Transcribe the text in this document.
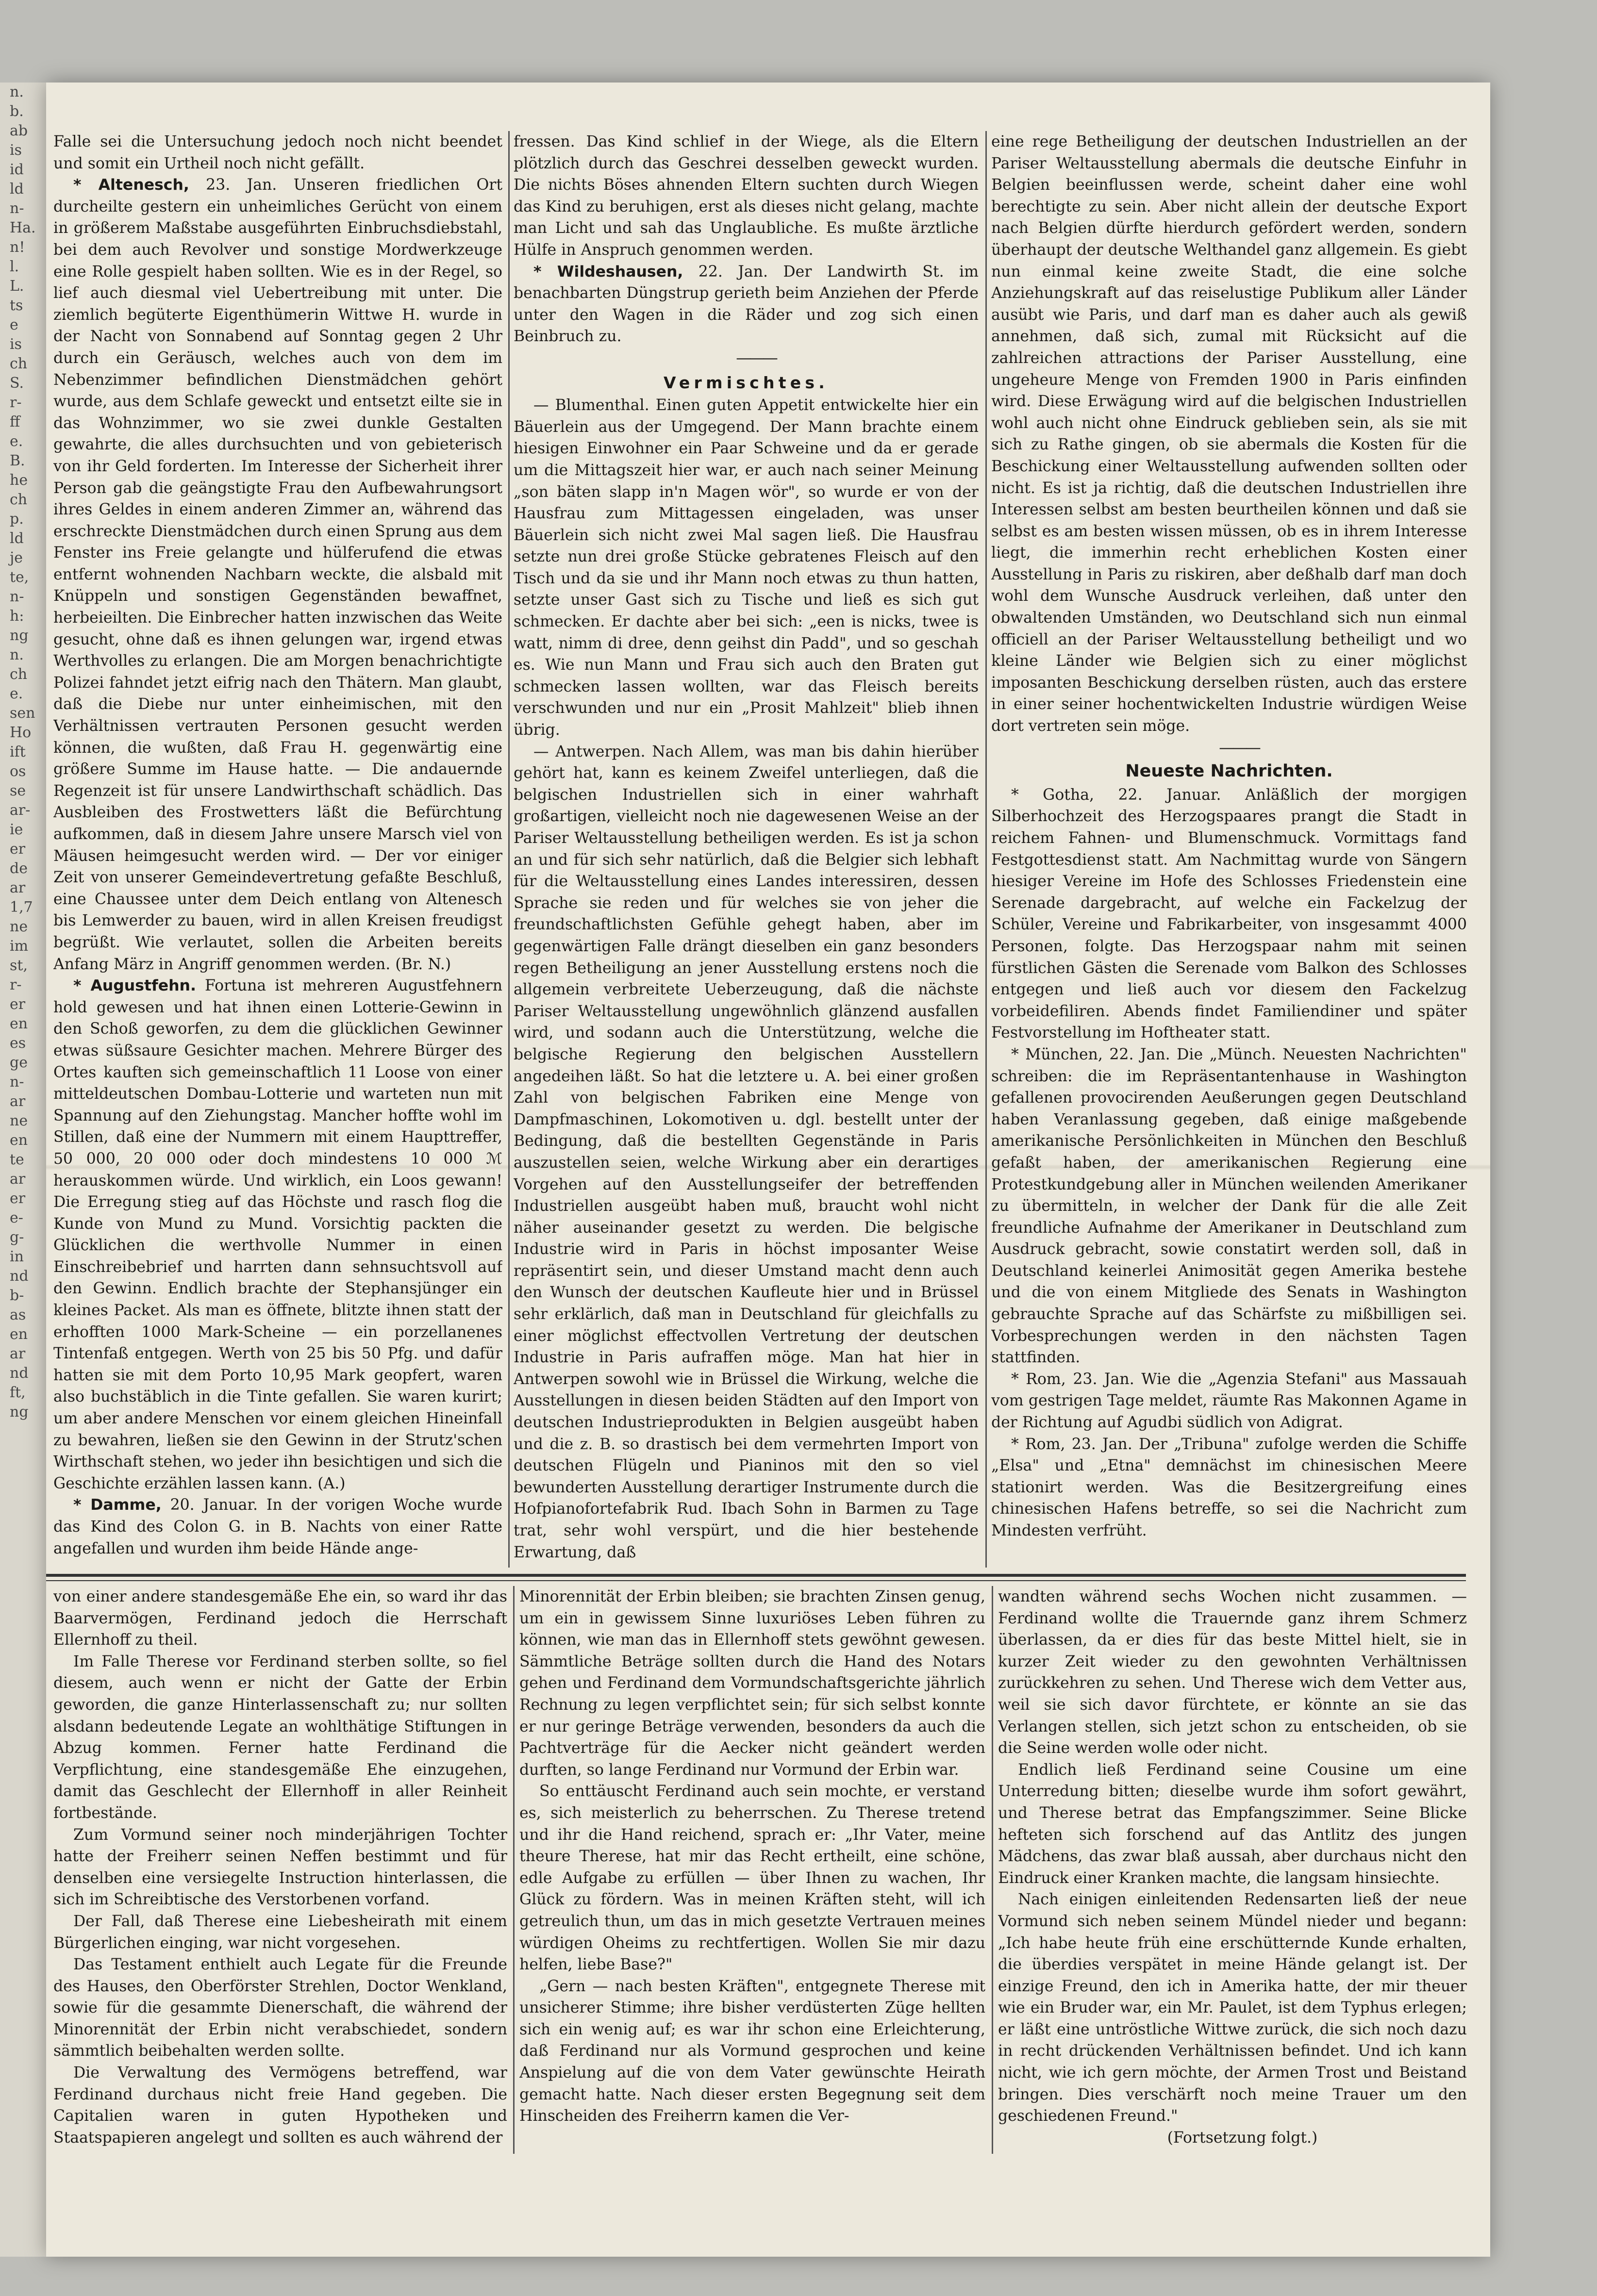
n.
b.
ab
is
id
ld
n-
Ha.
n!
l.
L.
ts
e
is
ch
S.
r-
ff
e.
B.
he
ch
p.
ld
je
te,
n-
h:
ng
n.
ch
e.
sen
Ho
ift
os
se
ar-
ie
er
de
ar
1,7
ne
im
st,
r-
er
en
es
ge
n-
ar
ne
en
te
ar
er
e-
g-
in
nd
b-
as
en
ar
nd
ft,
ng

Falle sei die Untersuchung jedoch noch nicht beendet und somit ein Urtheil noch nicht gefällt.

* Altenesch, 23. Jan. Unseren friedlichen Ort durcheilte gestern ein unheimliches Gerücht von einem in größerem Maßstabe ausgeführten Einbruchsdiebstahl, bei dem auch Revolver und sonstige Mordwerkzeuge eine Rolle gespielt haben sollten. Wie es in der Regel, so lief auch diesmal viel Uebertreibung mit unter. Die ziemlich begüterte Eigenthümerin Wittwe H. wurde in der Nacht von Sonnabend auf Sonntag gegen 2 Uhr durch ein Geräusch, welches auch von dem im Nebenzimmer befindlichen Dienstmädchen gehört wurde, aus dem Schlafe geweckt und entsetzt eilte sie in das Wohnzimmer, wo sie zwei dunkle Gestalten gewahrte, die alles durchsuchten und von gebieterisch von ihr Geld forderten. Im Interesse der Sicherheit ihrer Person gab die geängstigte Frau den Aufbewahrungsort ihres Geldes in einem anderen Zimmer an, während das erschreckte Dienstmädchen durch einen Sprung aus dem Fenster ins Freie gelangte und hülferufend die etwas entfernt wohnenden Nachbarn weckte, die alsbald mit Knüppeln und sonstigen Gegenständen bewaffnet, herbeieilten. Die Einbrecher hatten inzwischen das Weite gesucht, ohne daß es ihnen gelungen war, irgend etwas Werthvolles zu erlangen. Die am Morgen benachrichtigte Polizei fahndet jetzt eifrig nach den Thätern. Man glaubt, daß die Diebe nur unter einheimischen, mit den Verhältnissen vertrauten Personen gesucht werden können, die wußten, daß Frau H. gegenwärtig eine größere Summe im Hause hatte. — Die andauernde Regenzeit ist für unsere Landwirthschaft schädlich. Das Ausbleiben des Frostwetters läßt die Befürchtung aufkommen, daß in diesem Jahre unsere Marsch viel von Mäusen heimgesucht werden wird. — Der vor einiger Zeit von unserer Gemeindevertretung gefaßte Beschluß, eine Chaussee unter dem Deich entlang von Altenesch bis Lemwerder zu bauen, wird in allen Kreisen freudigst begrüßt. Wie verlautet, sollen die Arbeiten bereits Anfang März in Angriff genommen werden. (Br. N.)

* Augustfehn. Fortuna ist mehreren Augustfehnern hold gewesen und hat ihnen einen Lotterie-Gewinn in den Schoß geworfen, zu dem die glücklichen Gewinner etwas süßsaure Gesichter machen. Mehrere Bürger des Ortes kauften sich gemeinschaftlich 11 Loose von einer mitteldeutschen Dombau-Lotterie und warteten nun mit Spannung auf den Ziehungstag. Mancher hoffte wohl im Stillen, daß eine der Nummern mit einem Haupttreffer, 50 000, 20 000 oder doch mindestens 10 000 ℳ herauskommen würde. Und wirklich, ein Loos gewann! Die Erregung stieg auf das Höchste und rasch flog die Kunde von Mund zu Mund. Vorsichtig packten die Glücklichen die werthvolle Nummer in einen Einschreibebrief und harrten dann sehnsuchtsvoll auf den Gewinn. Endlich brachte der Stephansjünger ein kleines Packet. Als man es öffnete, blitzte ihnen statt der erhofften 1000 Mark-Scheine — ein porzellanenes Tintenfaß entgegen. Werth von 25 bis 50 Pfg. und dafür hatten sie mit dem Porto 10,95 Mark geopfert, waren also buchstäblich in die Tinte gefallen. Sie waren kurirt; um aber andere Menschen vor einem gleichen Hineinfall zu bewahren, ließen sie den Gewinn in der Strutz'schen Wirthschaft stehen, wo jeder ihn besichtigen und sich die Geschichte erzählen lassen kann. (A.)

* Damme, 20. Januar. In der vorigen Woche wurde das Kind des Colon G. in B. Nachts von einer Ratte angefallen und wurden ihm beide Hände ange-

fressen. Das Kind schlief in der Wiege, als die Eltern plötzlich durch das Geschrei desselben geweckt wurden. Die nichts Böses ahnenden Eltern suchten durch Wiegen das Kind zu beruhigen, erst als dieses nicht gelang, machte man Licht und sah das Unglaubliche. Es mußte ärztliche Hülfe in Anspruch genommen werden.

* Wildeshausen, 22. Jan. Der Landwirth St. im benachbarten Düngstrup gerieth beim Anziehen der Pferde unter den Wagen in die Räder und zog sich einen Beinbruch zu.

———

Vermischtes.

— Blumenthal. Einen guten Appetit entwickelte hier ein Bäuerlein aus der Umgegend. Der Mann brachte einem hiesigen Einwohner ein Paar Schweine und da er gerade um die Mittagszeit hier war, er auch nach seiner Meinung „son bäten slapp in'n Magen wör", so wurde er von der Hausfrau zum Mittagessen eingeladen, was unser Bäuerlein sich nicht zwei Mal sagen ließ. Die Hausfrau setzte nun drei große Stücke gebratenes Fleisch auf den Tisch und da sie und ihr Mann noch etwas zu thun hatten, setzte unser Gast sich zu Tische und ließ es sich gut schmecken. Er dachte aber bei sich: „een is nicks, twee is watt, nimm di dree, denn geihst din Padd", und so geschah es. Wie nun Mann und Frau sich auch den Braten gut schmecken lassen wollten, war das Fleisch bereits verschwunden und nur ein „Prosit Mahlzeit" blieb ihnen übrig.

— Antwerpen. Nach Allem, was man bis dahin hierüber gehört hat, kann es keinem Zweifel unterliegen, daß die belgischen Industriellen sich in einer wahrhaft großartigen, vielleicht noch nie dagewesenen Weise an der Pariser Weltausstellung betheiligen werden. Es ist ja schon an und für sich sehr natürlich, daß die Belgier sich lebhaft für die Weltausstellung eines Landes interessiren, dessen Sprache sie reden und für welches sie von jeher die freundschaftlichsten Gefühle gehegt haben, aber im gegenwärtigen Falle drängt dieselben ein ganz besonders regen Betheiligung an jener Ausstellung erstens noch die allgemein verbreitete Ueberzeugung, daß die nächste Pariser Weltausstellung ungewöhnlich glänzend ausfallen wird, und sodann auch die Unterstützung, welche die belgische Regierung den belgischen Ausstellern angedeihen läßt. So hat die letztere u. A. bei einer großen Zahl von belgischen Fabriken eine Menge von Dampfmaschinen, Lokomotiven u. dgl. bestellt unter der Bedingung, daß die bestellten Gegenstände in Paris auszustellen seien, welche Wirkung aber ein derartiges Vorgehen auf den Ausstellungseifer der betreffenden Industriellen ausgeübt haben muß, braucht wohl nicht näher auseinander gesetzt zu werden. Die belgische Industrie wird in Paris in höchst imposanter Weise repräsentirt sein, und dieser Umstand macht denn auch den Wunsch der deutschen Kaufleute hier und in Brüssel sehr erklärlich, daß man in Deutschland für gleichfalls zu einer möglichst effectvollen Vertretung der deutschen Industrie in Paris aufraffen möge. Man hat hier in Antwerpen sowohl wie in Brüssel die Wirkung, welche die Ausstellungen in diesen beiden Städten auf den Import von deutschen Industrieprodukten in Belgien ausgeübt haben und die z. B. so drastisch bei dem vermehrten Import von deutschen Flügeln und Pianinos mit den so viel bewunderten Ausstellung derartiger Instrumente durch die Hofpianofortefabrik Rud. Ibach Sohn in Barmen zu Tage trat, sehr wohl verspürt, und die hier bestehende Erwartung, daß

eine rege Betheiligung der deutschen Industriellen an der Pariser Weltausstellung abermals die deutsche Einfuhr in Belgien beeinflussen werde, scheint daher eine wohl berechtigte zu sein. Aber nicht allein der deutsche Export nach Belgien dürfte hierdurch gefördert werden, sondern überhaupt der deutsche Welthandel ganz allgemein. Es giebt nun einmal keine zweite Stadt, die eine solche Anziehungskraft auf das reiselustige Publikum aller Länder ausübt wie Paris, und darf man es daher auch als gewiß annehmen, daß sich, zumal mit Rücksicht auf die zahlreichen attractions der Pariser Ausstellung, eine ungeheure Menge von Fremden 1900 in Paris einfinden wird. Diese Erwägung wird auf die belgischen Industriellen wohl auch nicht ohne Eindruck geblieben sein, als sie mit sich zu Rathe gingen, ob sie abermals die Kosten für die Beschickung einer Weltausstellung aufwenden sollten oder nicht. Es ist ja richtig, daß die deutschen Industriellen ihre Interessen selbst am besten beurtheilen können und daß sie selbst es am besten wissen müssen, ob es in ihrem Interesse liegt, die immerhin recht erheblichen Kosten einer Ausstellung in Paris zu riskiren, aber deßhalb darf man doch wohl dem Wunsche Ausdruck verleihen, daß unter den obwaltenden Umständen, wo Deutschland sich nun einmal officiell an der Pariser Weltausstellung betheiligt und wo kleine Länder wie Belgien sich zu einer möglichst imposanten Beschickung derselben rüsten, auch das erstere in einer seiner hochentwickelten Industrie würdigen Weise dort vertreten sein möge.

———

Neueste Nachrichten.

* Gotha, 22. Januar. Anläßlich der morgigen Silberhochzeit des Herzogspaares prangt die Stadt in reichem Fahnen- und Blumenschmuck. Vormittags fand Festgottesdienst statt. Am Nachmittag wurde von Sängern hiesiger Vereine im Hofe des Schlosses Friedenstein eine Serenade dargebracht, auf welche ein Fackelzug der Schüler, Vereine und Fabrikarbeiter, von insgesammt 4000 Personen, folgte. Das Herzogspaar nahm mit seinen fürstlichen Gästen die Serenade vom Balkon des Schlosses entgegen und ließ auch vor diesem den Fackelzug vorbeidefiliren. Abends findet Familiendiner und später Festvorstellung im Hoftheater statt.

* München, 22. Jan. Die „Münch. Neuesten Nachrichten" schreiben: die im Repräsentantenhause in Washington gefallenen provocirenden Aeußerungen gegen Deutschland haben Veranlassung gegeben, daß einige maßgebende amerikanische Persönlichkeiten in München den Beschluß gefaßt haben, der amerikanischen Regierung eine Protestkundgebung aller in München weilenden Amerikaner zu übermitteln, in welcher der Dank für die alle Zeit freundliche Aufnahme der Amerikaner in Deutschland zum Ausdruck gebracht, sowie constatirt werden soll, daß in Deutschland keinerlei Animosität gegen Amerika bestehe und die von einem Mitgliede des Senats in Washington gebrauchte Sprache auf das Schärfste zu mißbilligen sei. Vorbesprechungen werden in den nächsten Tagen stattfinden.

* Rom, 23. Jan. Wie die „Agenzia Stefani" aus Massauah vom gestrigen Tage meldet, räumte Ras Makonnen Agame in der Richtung auf Agudbi südlich von Adigrat.

* Rom, 23. Jan. Der „Tribuna" zufolge werden die Schiffe „Elsa" und „Etna" demnächst im chinesischen Meere stationirt werden. Was die Besitzergreifung eines chinesischen Hafens betreffe, so sei die Nachricht zum Mindesten verfrüht.

von einer andere standesgemäße Ehe ein, so ward ihr das Baarvermögen, Ferdinand jedoch die Herrschaft Ellernhoff zu theil.

Im Falle Therese vor Ferdinand sterben sollte, so fiel diesem, auch wenn er nicht der Gatte der Erbin geworden, die ganze Hinterlassenschaft zu; nur sollten alsdann bedeutende Legate an wohlthätige Stiftungen in Abzug kommen. Ferner hatte Ferdinand die Verpflichtung, eine standesgemäße Ehe einzugehen, damit das Geschlecht der Ellernhoff in aller Reinheit fortbestände.

Zum Vormund seiner noch minderjährigen Tochter hatte der Freiherr seinen Neffen bestimmt und für denselben eine versiegelte Instruction hinterlassen, die sich im Schreibtische des Verstorbenen vorfand.

Der Fall, daß Therese eine Liebesheirath mit einem Bürgerlichen einging, war nicht vorgesehen.

Das Testament enthielt auch Legate für die Freunde des Hauses, den Oberförster Strehlen, Doctor Wenkland, sowie für die gesammte Dienerschaft, die während der Minorennität der Erbin nicht verabschiedet, sondern sämmtlich beibehalten werden sollte.

Die Verwaltung des Vermögens betreffend, war Ferdinand durchaus nicht freie Hand gegeben. Die Capitalien waren in guten Hypotheken und Staatspapieren angelegt und sollten es auch während der

Minorennität der Erbin bleiben; sie brachten Zinsen genug, um ein in gewissem Sinne luxuriöses Leben führen zu können, wie man das in Ellernhoff stets gewöhnt gewesen. Sämmtliche Beträge sollten durch die Hand des Notars gehen und Ferdinand dem Vormundschaftsgerichte jährlich Rechnung zu legen verpflichtet sein; für sich selbst konnte er nur geringe Beträge verwenden, besonders da auch die Pachtverträge für die Aecker nicht geändert werden durften, so lange Ferdinand nur Vormund der Erbin war.

So enttäuscht Ferdinand auch sein mochte, er verstand es, sich meisterlich zu beherrschen. Zu Therese tretend und ihr die Hand reichend, sprach er: „Ihr Vater, meine theure Therese, hat mir das Recht ertheilt, eine schöne, edle Aufgabe zu erfüllen — über Ihnen zu wachen, Ihr Glück zu fördern. Was in meinen Kräften steht, will ich getreulich thun, um das in mich gesetzte Vertrauen meines würdigen Oheims zu rechtfertigen. Wollen Sie mir dazu helfen, liebe Base?"

„Gern — nach besten Kräften", entgegnete Therese mit unsicherer Stimme; ihre bisher verdüsterten Züge hellten sich ein wenig auf; es war ihr schon eine Erleichterung, daß Ferdinand nur als Vormund gesprochen und keine Anspielung auf die von dem Vater gewünschte Heirath gemacht hatte. Nach dieser ersten Begegnung seit dem Hinscheiden des Freiherrn kamen die Ver-

wandten während sechs Wochen nicht zusammen. — Ferdinand wollte die Trauernde ganz ihrem Schmerz überlassen, da er dies für das beste Mittel hielt, sie in kurzer Zeit wieder zu den gewohnten Verhältnissen zurückkehren zu sehen. Und Therese wich dem Vetter aus, weil sie sich davor fürchtete, er könnte an sie das Verlangen stellen, sich jetzt schon zu entscheiden, ob sie die Seine werden wolle oder nicht.

Endlich ließ Ferdinand seine Cousine um eine Unterredung bitten; dieselbe wurde ihm sofort gewährt, und Therese betrat das Empfangszimmer. Seine Blicke hefteten sich forschend auf das Antlitz des jungen Mädchens, das zwar blaß aussah, aber durchaus nicht den Eindruck einer Kranken machte, die langsam hinsiechte.

Nach einigen einleitenden Redensarten ließ der neue Vormund sich neben seinem Mündel nieder und begann: „Ich habe heute früh eine erschütternde Kunde erhalten, die überdies verspätet in meine Hände gelangt ist. Der einzige Freund, den ich in Amerika hatte, der mir theuer wie ein Bruder war, ein Mr. Paulet, ist dem Typhus erlegen; er läßt eine untröstliche Wittwe zurück, die sich noch dazu in recht drückenden Verhältnissen befindet. Und ich kann nicht, wie ich gern möchte, der Armen Trost und Beistand bringen. Dies verschärft noch meine Trauer um den geschiedenen Freund."

(Fortsetzung folgt.)
